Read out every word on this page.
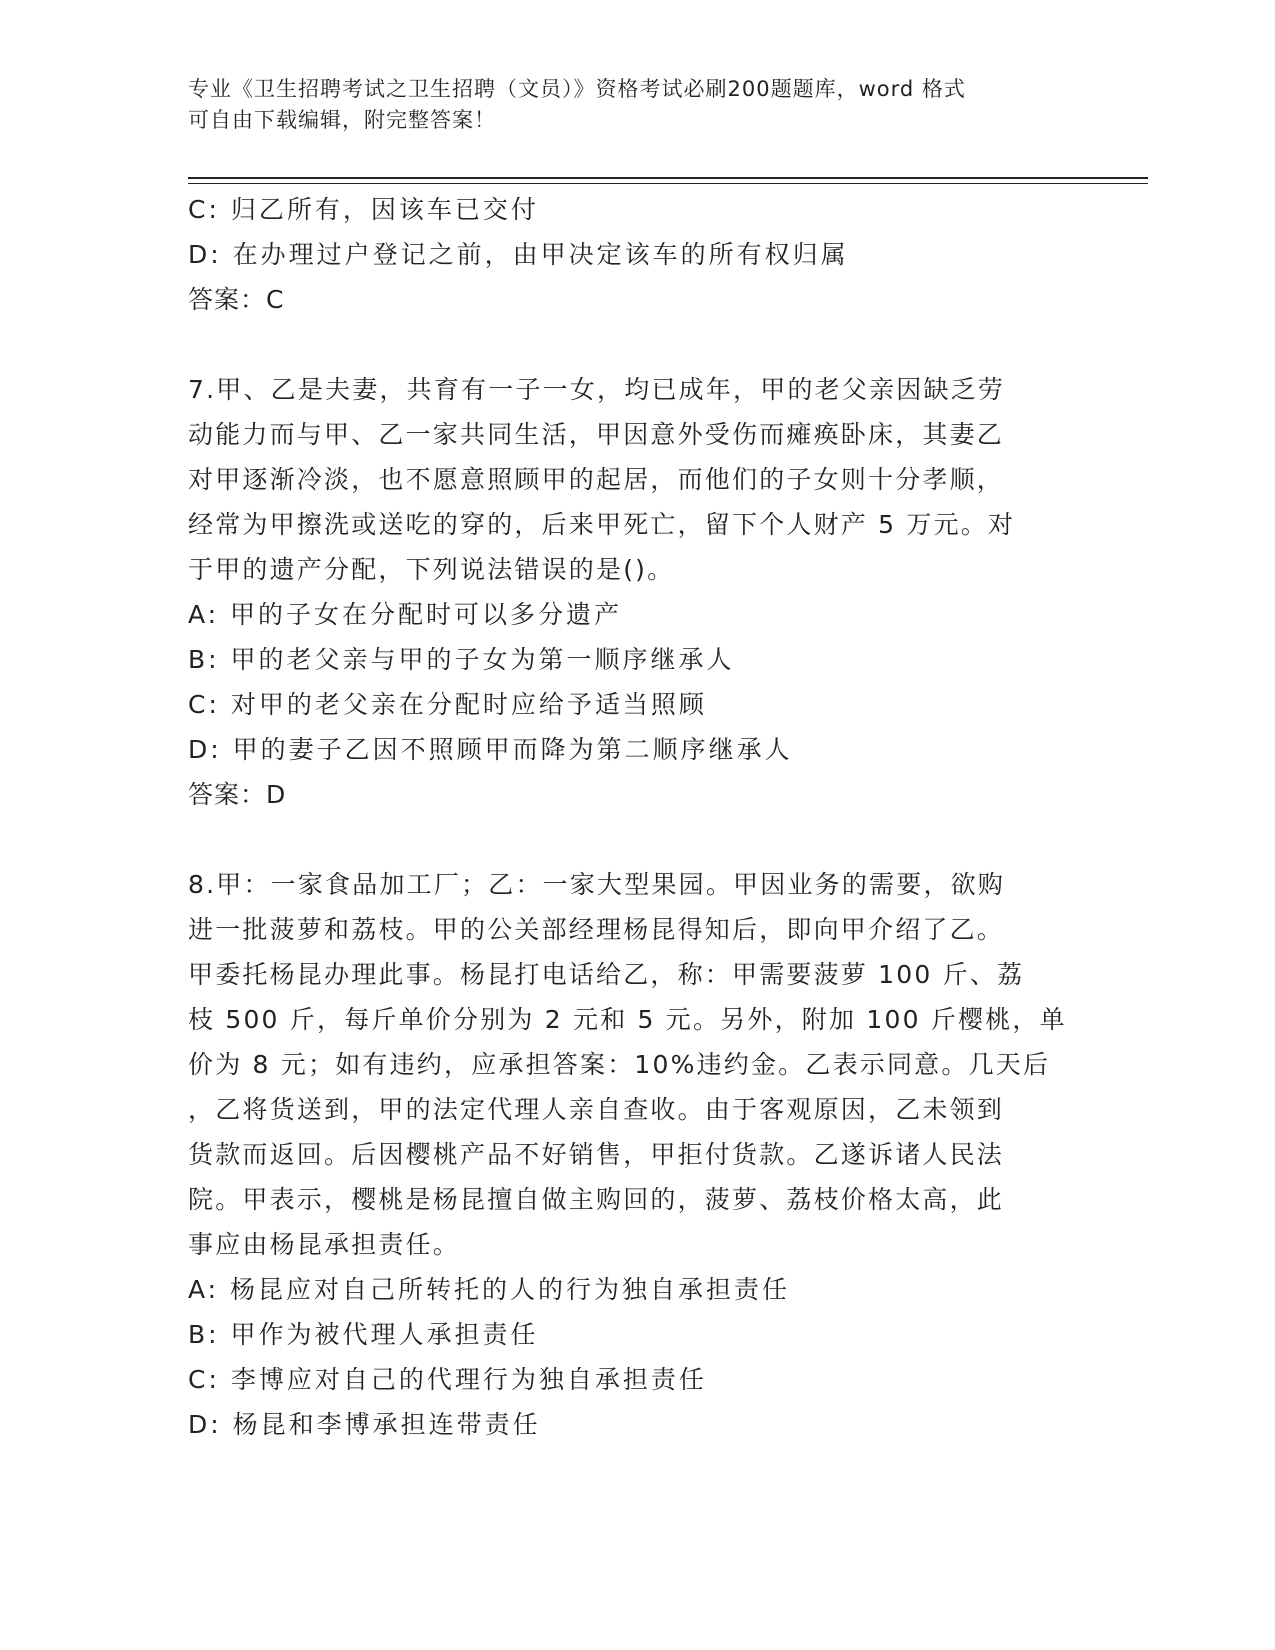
专业《卫生招聘考试之卫生招聘（文员）》资格考试必刷200题题库，word 格式
可自由下载编辑，附完整答案！
C: 归乙所有，因该车已交付
D: 在办理过户登记之前，由甲决定该车的所有权归属
答案：C
7.甲、乙是夫妻，共育有一子一女，均已成年，甲的老父亲因缺乏劳
动能力而与甲、乙一家共同生活，甲因意外受伤而瘫痪卧床，其妻乙
对甲逐渐冷淡，也不愿意照顾甲的起居，而他们的子女则十分孝顺，
经常为甲擦洗或送吃的穿的，后来甲死亡，留下个人财产 5 万元。对
于甲的遗产分配，下列说法错误的是()。
A: 甲的子女在分配时可以多分遗产
B: 甲的老父亲与甲的子女为第一顺序继承人
C: 对甲的老父亲在分配时应给予适当照顾
D: 甲的妻子乙因不照顾甲而降为第二顺序继承人
答案：D
8.甲：一家食品加工厂；乙：一家大型果园。甲因业务的需要，欲购
进一批菠萝和荔枝。甲的公关部经理杨昆得知后，即向甲介绍了乙。
甲委托杨昆办理此事。杨昆打电话给乙，称：甲需要菠萝 100 斤、荔
枝 500 斤，每斤单价分别为 2 元和 5 元。另外，附加 100 斤樱桃，单
价为 8 元；如有违约，应承担答案：10%违约金。乙表示同意。几天后
，乙将货送到，甲的法定代理人亲自查收。由于客观原因，乙未领到
货款而返回。后因樱桃产品不好销售，甲拒付货款。乙遂诉诸人民法
院。甲表示，樱桃是杨昆擅自做主购回的，菠萝、荔枝价格太高，此
事应由杨昆承担责任。
A: 杨昆应对自己所转托的人的行为独自承担责任
B: 甲作为被代理人承担责任
C: 李博应对自己的代理行为独自承担责任
D: 杨昆和李博承担连带责任
